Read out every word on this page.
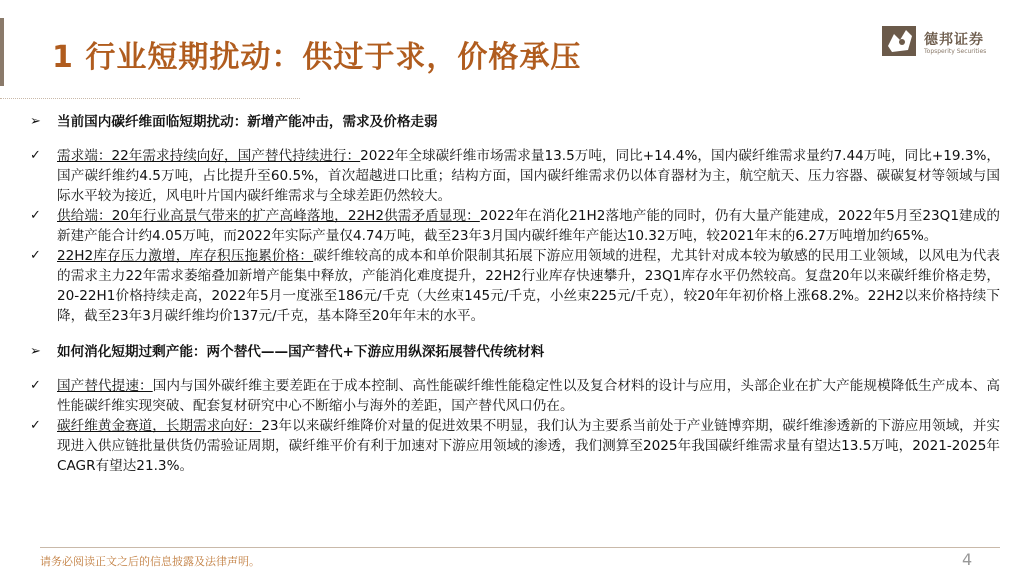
1 行业短期扰动：供过于求，价格承压	德邦证券
Topsperity Securities
➢	当前国内碳纤维面临短期扰动：新增产能冲击，需求及价格走弱
✓	需求端：22年需求持续向好，国产替代持续进行：2022年全球碳纤维市场需求量13.5万吨，同比+14.4%，国内碳纤维需求量约7.44万吨，同比+19.3%，国产碳纤维约4.5万吨，占比提升至60.5%，首次超越进口比重；结构方面，国内碳纤维需求仍以体育器材为主，航空航天、压力容器、碳碳复材等领域与国际水平较为接近，风电叶片国内碳纤维需求与全球差距仍然较大。
✓	供给端：20年行业高景气带来的扩产高峰落地，22H2供需矛盾显现：2022年在消化21H2落地产能的同时，仍有大量产能建成，2022年5月至23Q1建成的新建产能合计约4.05万吨，而2022年实际产量仅4.74万吨，截至23年3月国内碳纤维年产能达10.32万吨，较2021年末的6.27万吨增加约65%。
✓	22H2库存压力激增，库存积压拖累价格：碳纤维较高的成本和单价限制其拓展下游应用领域的进程，尤其针对成本较为敏感的民用工业领域，以风电为代表的需求主力22年需求萎缩叠加新增产能集中释放，产能消化难度提升，22H2行业库存快速攀升，23Q1库存水平仍然较高。复盘20年以来碳纤维价格走势，20-22H1价格持续走高，2022年5月一度涨至186元/千克（大丝束145元/千克，小丝束225元/千克），较20年年初价格上涨68.2%。22H2以来价格持续下降，截至23年3月碳纤维均价137元/千克，基本降至20年年末的水平。
➢	如何消化短期过剩产能：两个替代——国产替代+下游应用纵深拓展替代传统材料
✓	国产替代提速：国内与国外碳纤维主要差距在于成本控制、高性能碳纤维性能稳定性以及复合材料的设计与应用，头部企业在扩大产能规模降低生产成本、高性能碳纤维实现突破、配套复材研究中心不断缩小与海外的差距，国产替代风口仍在。
✓	碳纤维黄金赛道，长期需求向好：23年以来碳纤维降价对量的促进效果不明显，我们认为主要系当前处于产业链博弈期，碳纤维渗透新的下游应用领域，并实现进入供应链批量供货仍需验证周期，碳纤维平价有利于加速对下游应用领域的渗透，我们测算至2025年我国碳纤维需求量有望达13.5万吨，2021-2025年CAGR有望达21.3%。
请务必阅读正文之后的信息披露及法律声明。	4
